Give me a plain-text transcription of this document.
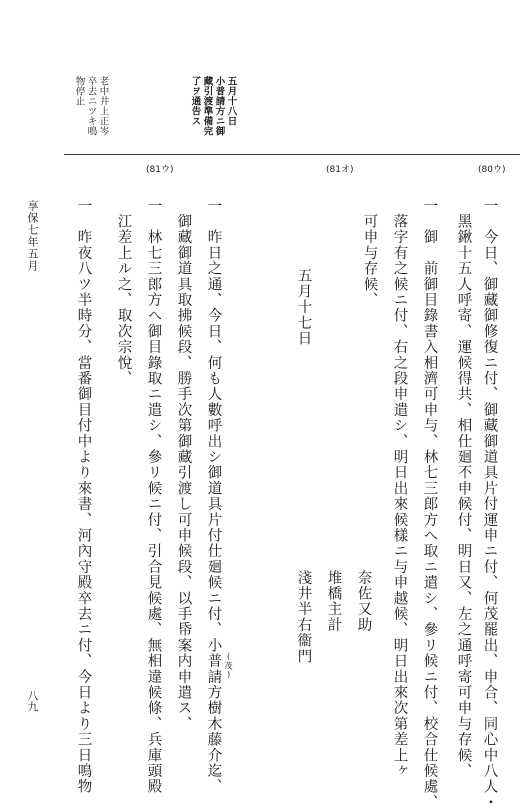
五月十八日
小普請方ニ御
藏引渡準備完
了ヲ通告ス
老中井上正岑
卒去ニツキ鳴
物停止
(80ウ)
(81オ)
(81ウ)
一　今日、御藏御修復ニ付、御藏御道具片付運申ニ付、何茂罷出、申合、同心中八人・
　黑鍬十五人呼寄、運候得共、相仕廻不申候付、明日又、左之通呼寄可申与存候、
一　御　前御目錄書入相濟可申与、林七三郎方へ取ニ遣シ、參リ候ニ付、校合仕候處、
　落字有之候ニ付、右之段申遣シ、明日出來候樣ニ与申越候、明日出來次第差上ヶ
　可申与存候、
奈佐又助
堆橋主計
淺井半右衞門
五月十七日
一　昨日之通、今日、何も人數呼出シ御道具片付仕廻候ニ付、小普請方樹木藤介迄、
　御藏御道具取拂候段、勝手次第御藏引渡し可申候段、以手帋案内申遣ス、
一　林七三郎方へ御目錄取ニ遣シ、參リ候ニ付、引合見候處、無相違候條、兵庫頭殿
　江差上ル之、取次宗悅、
一　昨夜八ツ半時分、當番御目付中より來書、河內守殿卒去ニ付、今日より三日鳴物	(茂)
享保七年五月
八九
